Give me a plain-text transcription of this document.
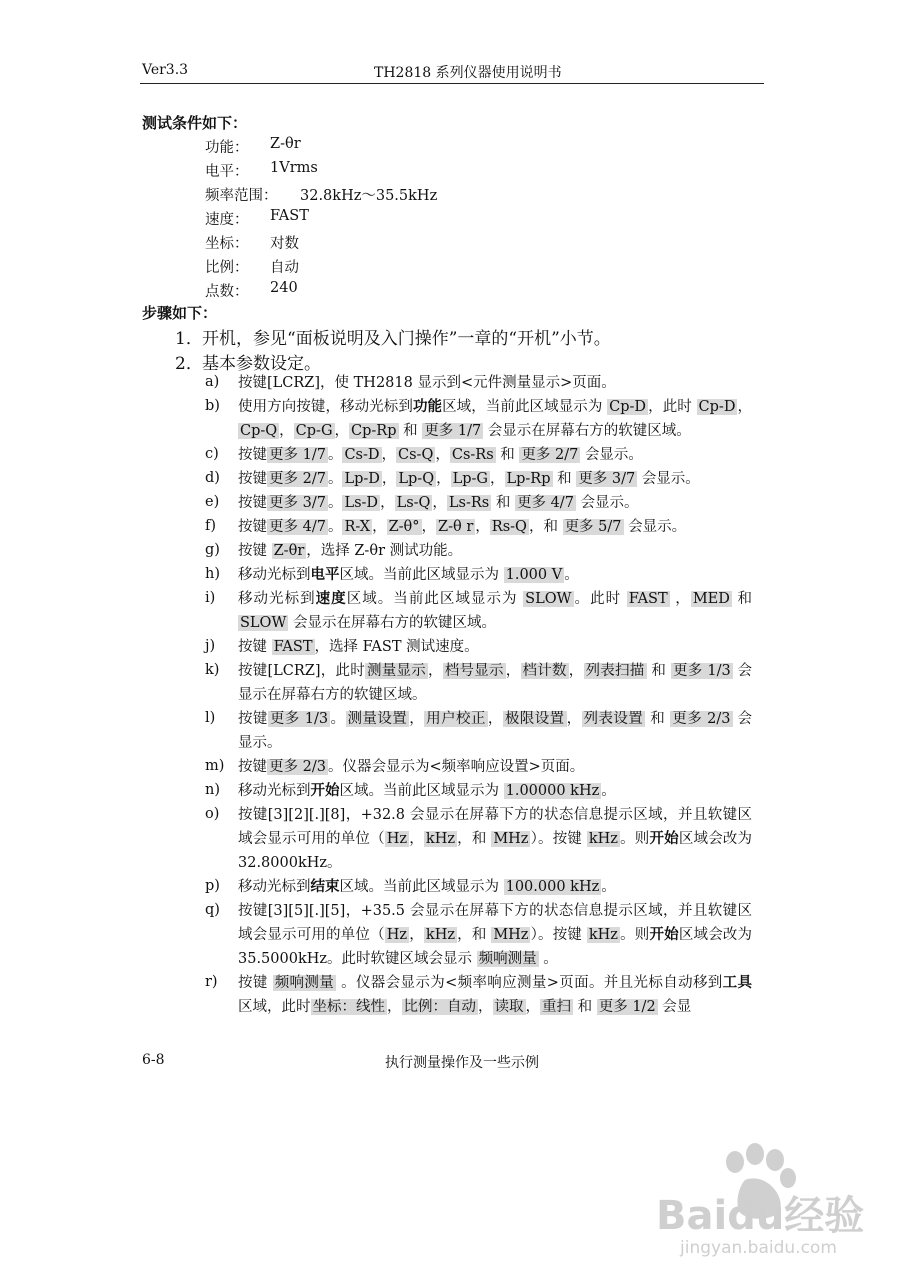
Ver3.3	TH2818 系列仪器使用说明书
测试条件如下：
功能： Z-θr
电平： 1Vrms
频率范围： 32.8kHz～35.5kHz
速度： FAST
坐标： 对数
比例： 自动
点数： 240
步骤如下：
1． 开机，参见“面板说明及入门操作”一章的“开机”小节。
2． 基本参数设定。
a) 按键[LCRZ]，使 TH2818 显示到<元件测量显示>页面。
b) 使用方向按键，移动光标到功能区域，当前此区域显示为 Cp-D ，此时 Cp-D ，Cp-Q ， Cp-G ， Cp-Rp 和 更多 1/7 会显示在屏幕右方的软键区域。
c) 按键 更多 1/7 。 Cs-D ， Cs-Q ， Cs-Rs 和 更多 2/7 会显示。
d) 按键 更多 2/7 。 Lp-D ， Lp-Q ， Lp-G ， Lp-Rp 和 更多 3/7 会显示。
e) 按键 更多 3/7 。 Ls-D ， Ls-Q ， Ls-Rs 和 更多 4/7 会显示。
f) 按键 更多 4/7 。 R-X ， Z-θ° ， Z-θ r ， Rs-Q ，和 更多 5/7 会显示。
g) 按键 Z-θr ，选择 Z-θr 测试功能。
h) 移动光标到电平区域。当前此区域显示为 1.000 V 。
i) 移动光标到速度区域。当前此区域显示为 SLOW 。此时 FAST ， MED 和 SLOW 会显示在屏幕右方的软键区域。
j) 按键 FAST ，选择 FAST 测试速度。
k) 按键[LCRZ]，此时 测量显示 ， 档号显示 ， 档计数 ， 列表扫描 和 更多 1/3 会显示在屏幕右方的软键区域。
l) 按键 更多 1/3 。 测量设置 ， 用户校正 ， 极限设置 ， 列表设置 和 更多 2/3 会显示。
m) 按键 更多 2/3 。仪器会显示为<频率响应设置>页面。
n) 移动光标到开始区域。当前此区域显示为 1.00000 kHz 。
o) 按键[3][2][.][8]，+32.8 会显示在屏幕下方的状态信息提示区域，并且软键区域会显示可用的单位（ Hz ， kHz ，和 MHz ）。按键 kHz 。则开始区域会改为 32.8000kHz。
p) 移动光标到结束区域。当前此区域显示为 100.000 kHz 。
q) 按键[3][5][.][5]，+35.5 会显示在屏幕下方的状态信息提示区域，并且软键区域会显示可用的单位（ Hz ， kHz ，和 MHz ）。按键 kHz 。则开始区域会改为 35.5000kHz。此时软键区域会显示 频响测量 。
r) 按键 频响测量 。仪器会显示为<频率响应测量>页面。并且光标自动移到工具区域，此时 坐标：线性 ， 比例：自动 ， 读取 ， 重扫 和 更多 1/2 会显
6-8	执行测量操作及一些示例
Baidu经验
jingyan.baidu.com
